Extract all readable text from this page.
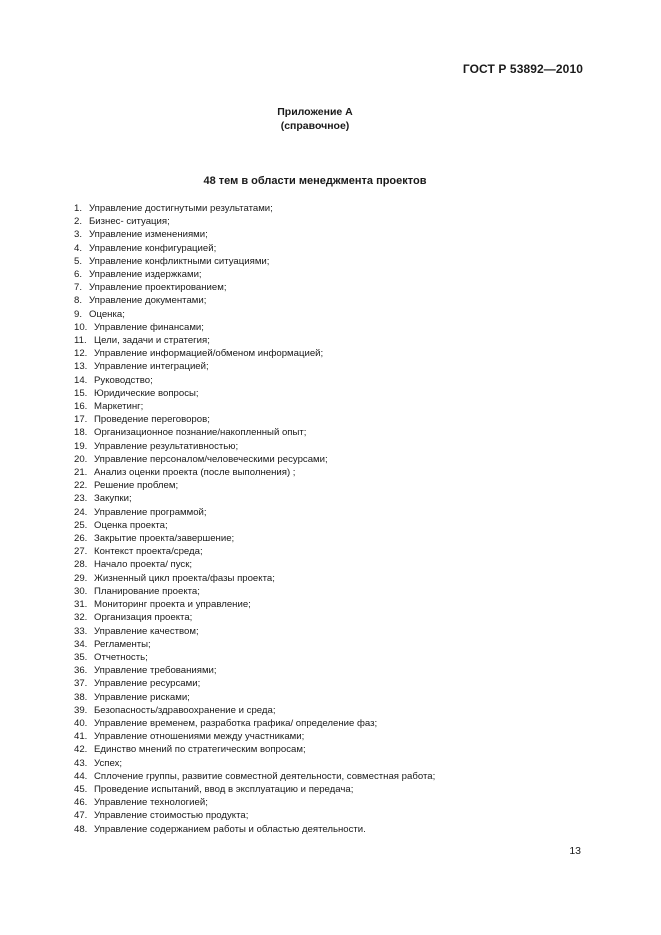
ГОСТ Р 53892—2010
Приложение А
(справочное)
48 тем в области менеджмента проектов
1. Управление достигнутыми результатами;
2. Бизнес- ситуация;
3. Управление изменениями;
4. Управление конфигурацией;
5. Управление конфликтными ситуациями;
6. Управление издержками;
7. Управление проектированием;
8. Управление документами;
9. Оценка;
10. Управление финансами;
11. Цели, задачи и стратегия;
12. Управление информацией/обменом информацией;
13. Управление интеграцией;
14. Руководство;
15. Юридические вопросы;
16. Маркетинг;
17. Проведение переговоров;
18. Организационное познание/накопленный опыт;
19. Управление результативностью;
20. Управление персоналом/человеческими ресурсами;
21. Анализ оценки проекта (после выполнения) ;
22. Решение проблем;
23. Закупки;
24. Управление программой;
25. Оценка проекта;
26. Закрытие проекта/завершение;
27. Контекст проекта/среда;
28. Начало проекта/ пуск;
29. Жизненный цикл проекта/фазы проекта;
30. Планирование проекта;
31. Мониторинг проекта и управление;
32. Организация проекта;
33. Управление качеством;
34. Регламенты;
35. Отчетность;
36. Управление требованиями;
37. Управление ресурсами;
38. Управление рисками;
39. Безопасность/здравоохранение и среда;
40. Управление временем, разработка графика/ определение фаз;
41. Управление отношениями между участниками;
42. Единство мнений по стратегическим вопросам;
43. Успех;
44. Сплочение группы, развитие совместной деятельности, совместная работа;
45. Проведение испытаний, ввод в эксплуатацию и передача;
46. Управление технологией;
47. Управление стоимостью продукта;
48. Управление содержанием работы и областью деятельности.
13
